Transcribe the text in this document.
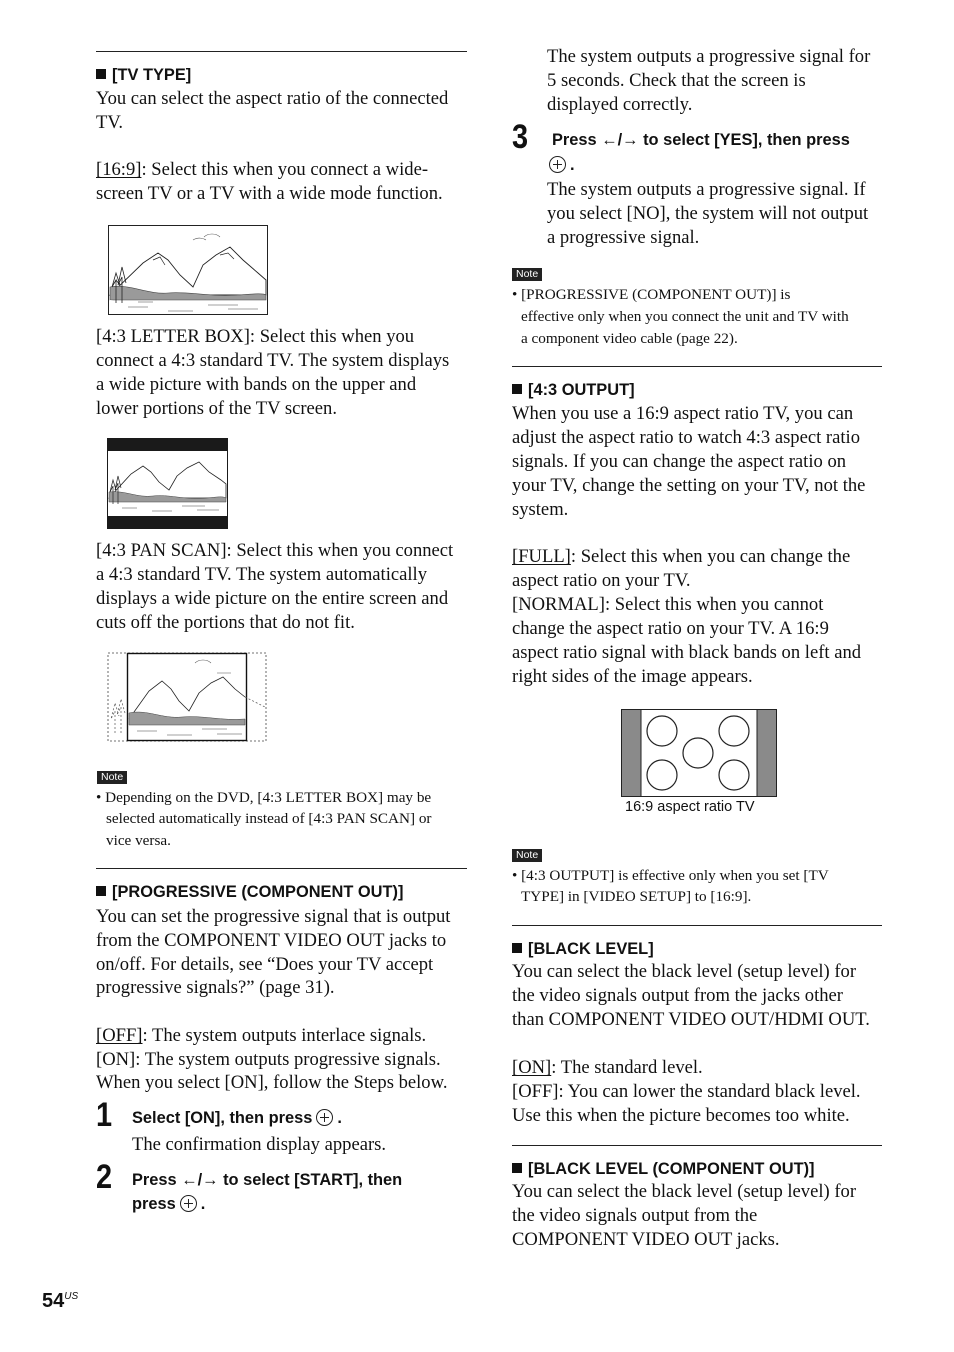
[TV TYPE]
You can select the aspect ratio of the connected
TV.
[16:9]: Select this when you connect a wide-
screen TV or a TV with a wide mode function.
[4:3 LETTER BOX]: Select this when you
connect a 4:3 standard TV. The system displays
a wide picture with bands on the upper and
lower portions of the TV screen.
[4:3 PAN SCAN]: Select this when you connect
a 4:3 standard TV. The system automatically
displays a wide picture on the entire screen and
cuts off the portions that do not fit.
Note
• Depending on the DVD, [4:3 LETTER BOX] may be
selected automatically instead of [4:3 PAN SCAN] or
vice versa.
[PROGRESSIVE (COMPONENT OUT)]
You can set the progressive signal that is output
from the COMPONENT VIDEO OUT jacks to
on/off. For details, see “Does your TV accept
progressive signals?” (page 31).
[OFF]: The system outputs interlace signals.
[ON]: The system outputs progressive signals.
When you select [ON], follow the Steps below.
1 Select [ON], then press .
The confirmation display appears.
2 Press ←/→ to select [START], then
press .
$54^{US}$
The system outputs a progressive signal for
5 seconds. Check that the screen is
displayed correctly.
3 Press ←/→ to select [YES], then press
.
The system outputs a progressive signal. If
you select [NO], the system will not output
a progressive signal.
Note
• [PROGRESSIVE (COMPONENT OUT)] is
effective only when you connect the unit and TV with
a component video cable (page 22).
[4:3 OUTPUT]
When you use a 16:9 aspect ratio TV, you can
adjust the aspect ratio to watch 4:3 aspect ratio
signals. If you can change the aspect ratio on
your TV, change the setting on your TV, not the
system.
[FULL]: Select this when you can change the
aspect ratio on your TV.
[NORMAL]: Select this when you cannot
change the aspect ratio on your TV. A 16:9
aspect ratio signal with black bands on left and
right sides of the image appears.
16:9 aspect ratio TV
Note
• [4:3 OUTPUT] is effective only when you set [TV
TYPE] in [VIDEO SETUP] to [16:9].
[BLACK LEVEL]
You can select the black level (setup level) for
the video signals output from the jacks other
than COMPONENT VIDEO OUT/HDMI OUT.
[ON]: The standard level.
[OFF]: You can lower the standard black level.
Use this when the picture becomes too white.
[BLACK LEVEL (COMPONENT OUT)]
You can select the black level (setup level) for
the video signals output from the
COMPONENT VIDEO OUT jacks.
